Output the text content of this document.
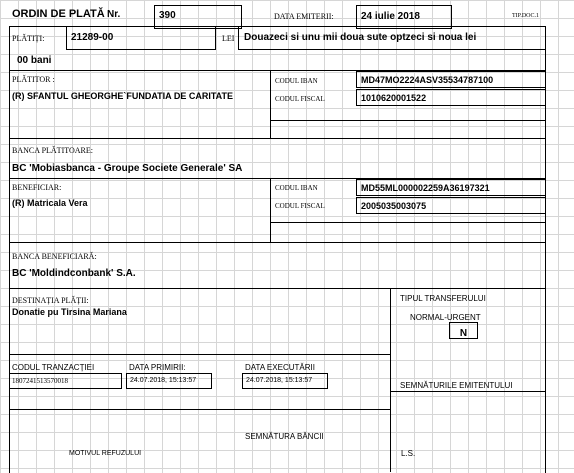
ORDIN DE PLATĂ Nr.	390	DATA EMITERII:	24 iulie 2018	TIP.DOC.1
PLĂTIȚI:	21289-00	LEI Douazeci si unu mii doua sute optzeci si noua lei
00 bani
PLĂTITOR :
(R) SFANTUL GHEORGHE`FUNDATIA DE CARITATE
CODUL IBAN	MD47MO2224ASV35534787100
CODUL FISCAL	1010620001522
BANCA PLĂTITOARE:
BC 'Mobiasbanca - Groupe Societe Generale' SA
BENEFICIAR:
(R) Matricala Vera
CODUL IBAN	MD55ML000002259A36197321
CODUL FISCAL	2005035003075
BANCA BENEFICIARĂ:
BC 'Moldindconbank' S.A.
DESTINAȚIA PLĂȚII:
Donatie pu Tirsina Mariana
TIPUL TRANSFERULUI
NORMAL-URGENT
N
CODUL TRANZACȚIEI
1807241513570018
DATA PRIMIRII:
24.07.2018, 15:13:57
DATA EXECUTĂRII
24.07.2018, 15:13:57
SEMNĂTURILE EMITENTULUI
SEMNĂTURA BĂNCII
MOTIVUL REFUZULUI	L.S.
